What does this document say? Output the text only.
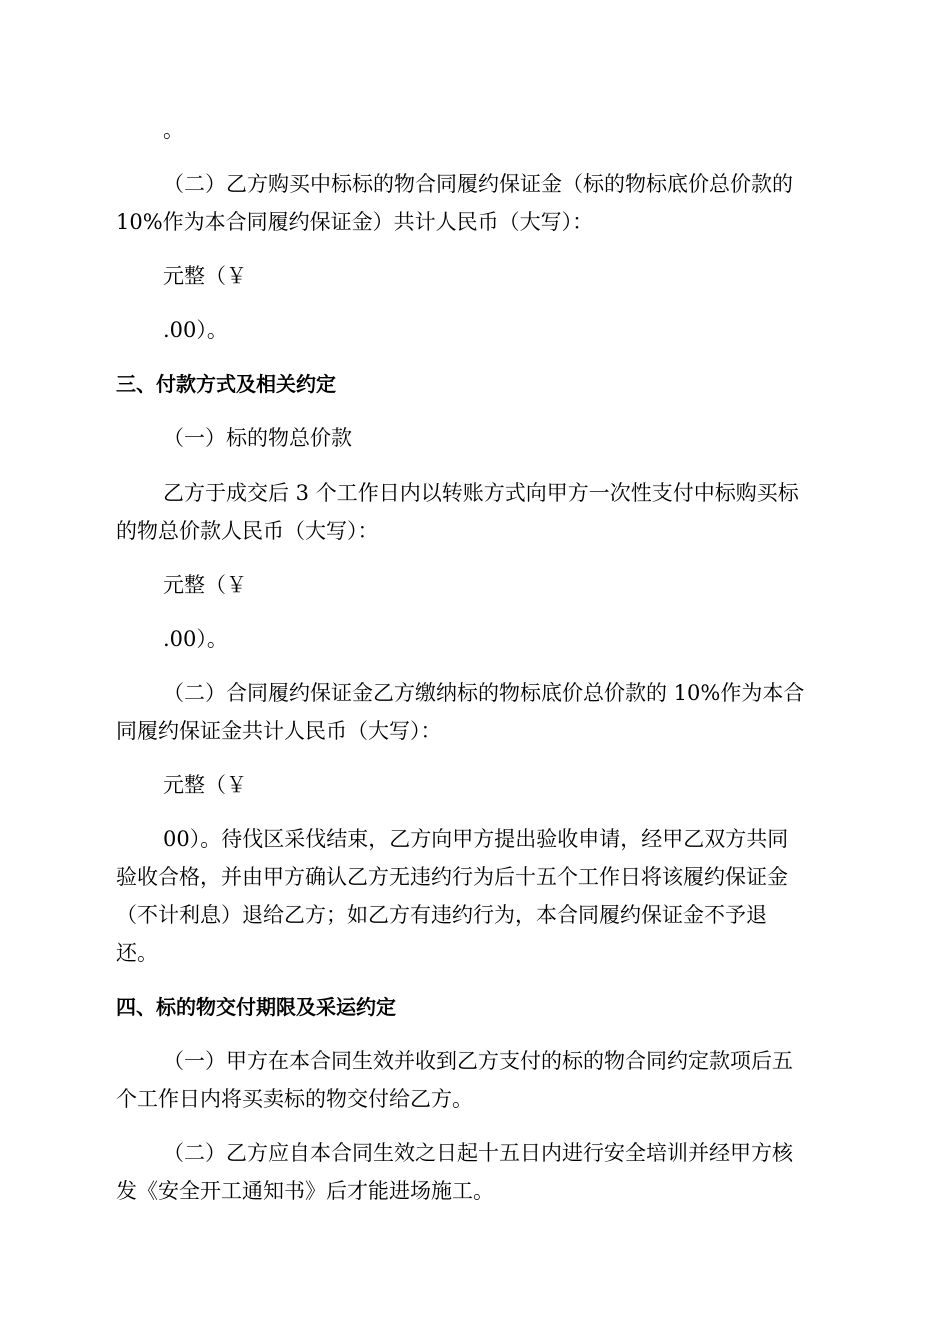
。

（二）乙方购买中标标的物合同履约保证金（标的物标底价总价款的

10%作为本合同履约保证金）共计人民币（大写）：

元整（￥

.00）。

三、付款方式及相关约定

（一）标的物总价款

乙方于成交后 3 个工作日内以转账方式向甲方一次性支付中标购买标

的物总价款人民币（大写）：

元整（￥

.00）。

（二）合同履约保证金乙方缴纳标的物标底价总价款的 10%作为本合

同履约保证金共计人民币（大写）：

元整（￥

00）。待伐区采伐结束，乙方向甲方提出验收申请，经甲乙双方共同

验收合格，并由甲方确认乙方无违约行为后十五个工作日将该履约保证金

（不计利息）退给乙方；如乙方有违约行为，本合同履约保证金不予退

还。

四、标的物交付期限及采运约定

（一）甲方在本合同生效并收到乙方支付的标的物合同约定款项后五

个工作日内将买卖标的物交付给乙方。

（二）乙方应自本合同生效之日起十五日内进行安全培训并经甲方核

发《安全开工通知书》后才能进场施工。
